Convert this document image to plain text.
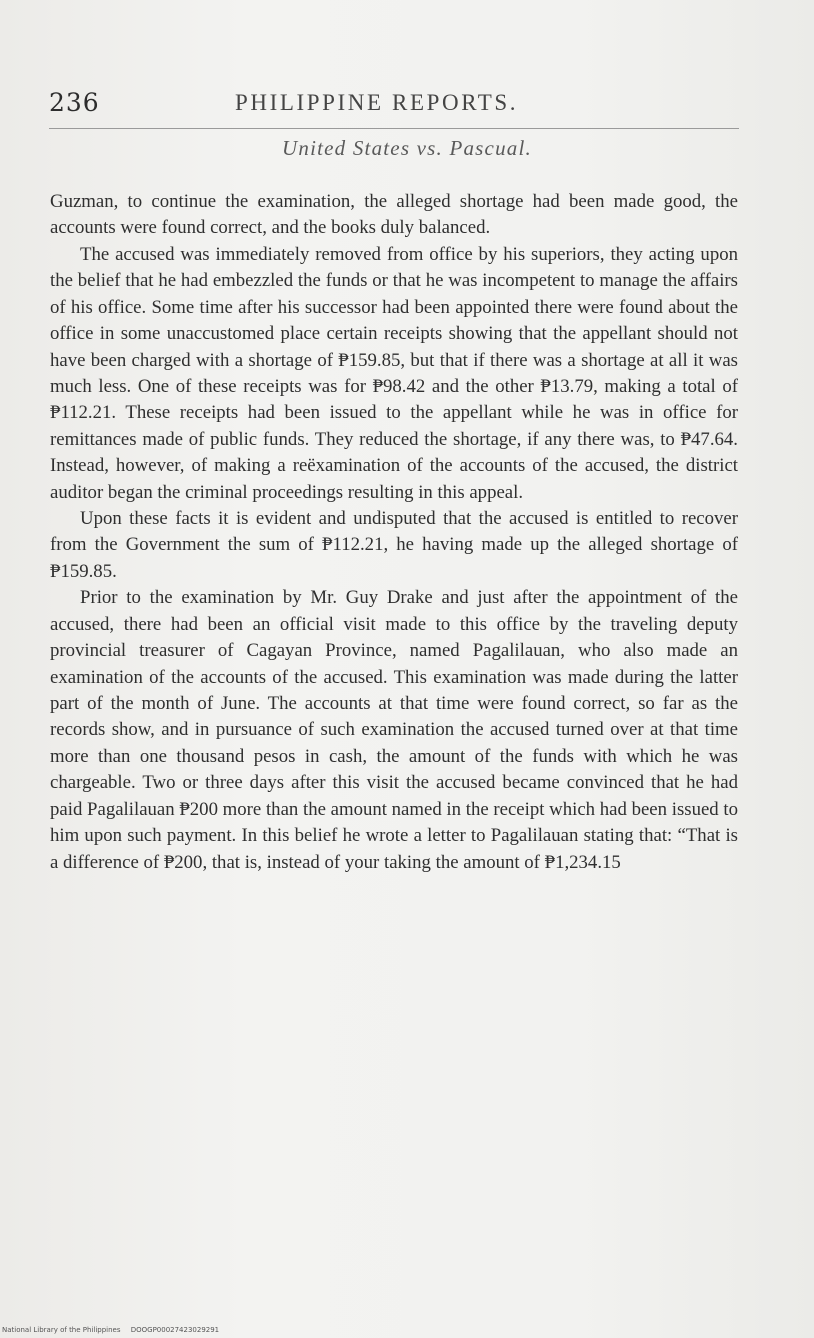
236	PHILIPPINE REPORTS.
United States vs. Pascual.

Guzman, to continue the examination, the alleged shortage had been made good, the accounts were found correct, and the books duly balanced.

The accused was immediately removed from office by his superiors, they acting upon the belief that he had embezzled the funds or that he was incompetent to manage the affairs of his office. Some time after his successor had been appointed there were found about the office in some unaccustomed place certain receipts showing that the appellant should not have been charged with a shortage of ₱159.85, but that if there was a shortage at all it was much less. One of these receipts was for ₱98.42 and the other ₱13.79, making a total of ₱112.21. These receipts had been issued to the appellant while he was in office for remittances made of public funds. They reduced the shortage, if any there was, to ₱47.64. Instead, however, of making a reëxamination of the accounts of the accused, the district auditor began the criminal proceedings resulting in this appeal.

Upon these facts it is evident and undisputed that the accused is entitled to recover from the Government the sum of ₱112.21, he having made up the alleged shortage of ₱159.85.

Prior to the examination by Mr. Guy Drake and just after the appointment of the accused, there had been an official visit made to this office by the traveling deputy provincial treasurer of Cagayan Province, named Pagalilauan, who also made an examination of the accounts of the accused. This examination was made during the latter part of the month of June. The accounts at that time were found correct, so far as the records show, and in pursuance of such examination the accused turned over at that time more than one thousand pesos in cash, the amount of the funds with which he was chargeable. Two or three days after this visit the accused became convinced that he had paid Pagalilauan ₱200 more than the amount named in the receipt which had been issued to him upon such payment. In this belief he wrote a letter to Pagalilauan stating that: “That is a difference of ₱200, that is, instead of your taking the amount of ₱1,234.15

National Library of the Philippines DOOGP00027423029291
